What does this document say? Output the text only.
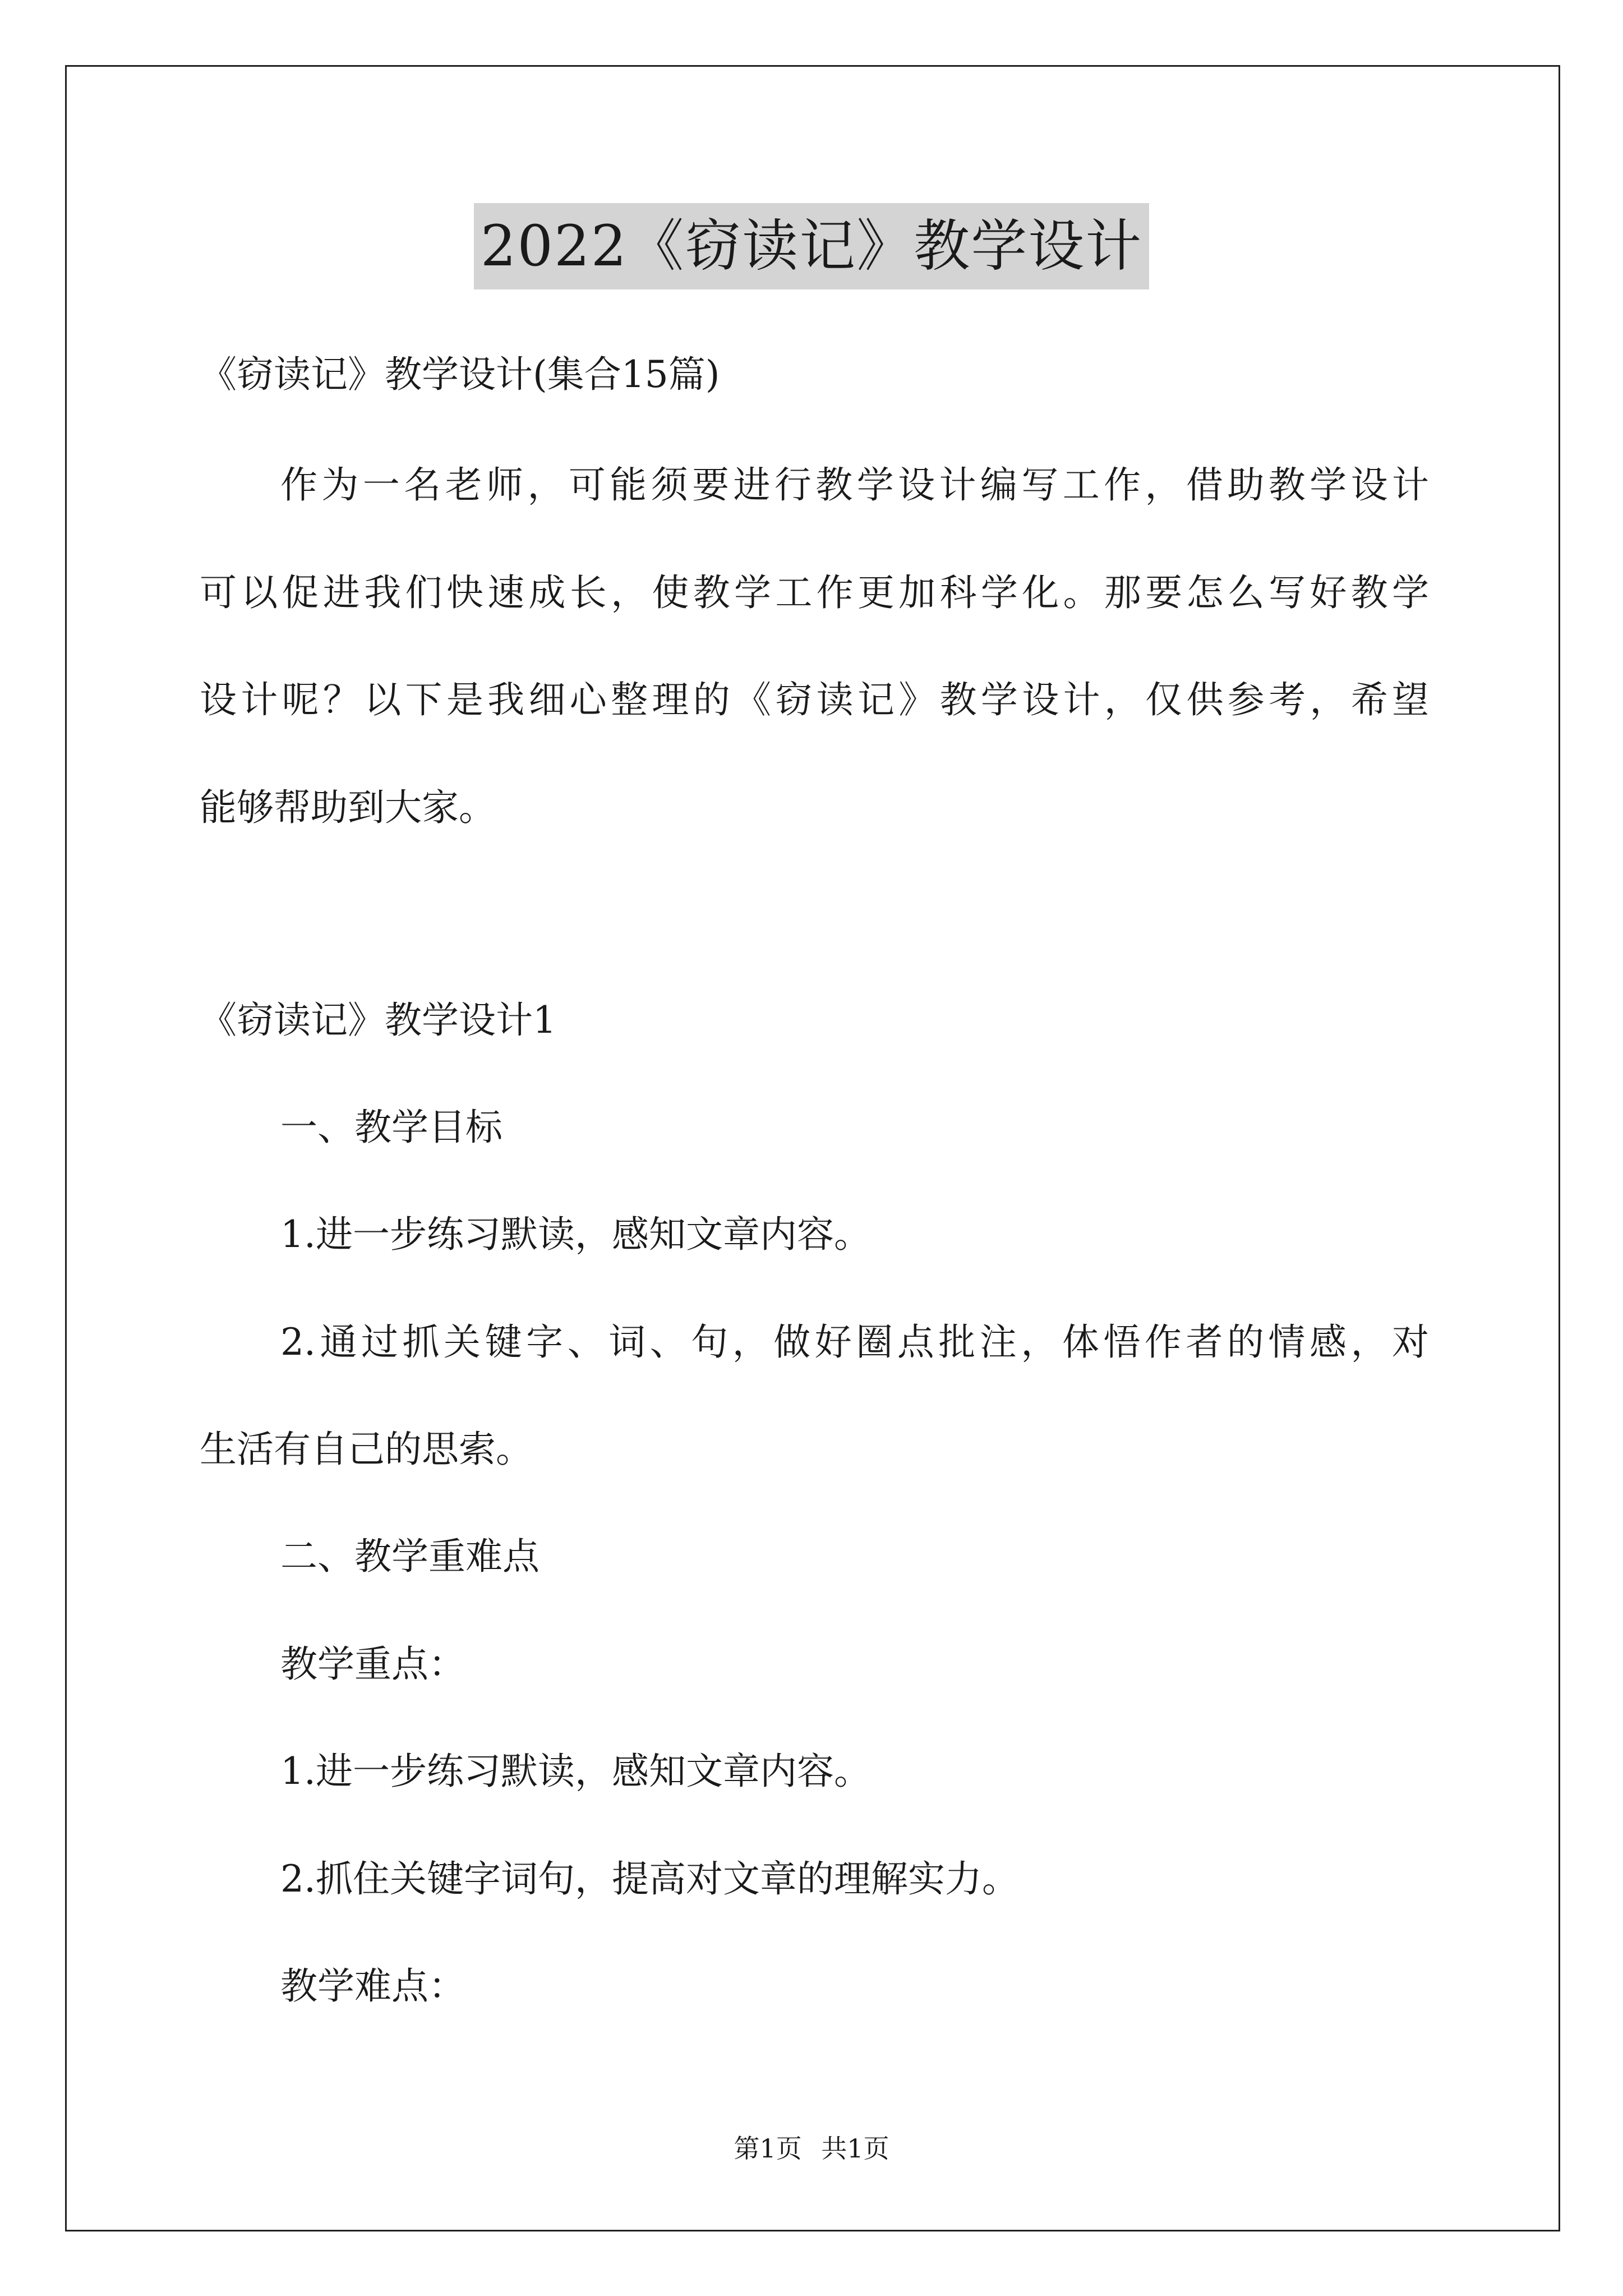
2022《窃读记》教学设计
《窃读记》教学设计(集合15篇)
作为一名老师，可能须要进行教学设计编写工作，借助教学设计
可以促进我们快速成长，使教学工作更加科学化。那要怎么写好教学
设计呢？以下是我细心整理的《窃读记》教学设计，仅供参考，希望
能够帮助到大家。
《窃读记》教学设计1
一、教学目标
1.进一步练习默读，感知文章内容。
2.通过抓关键字、词、句，做好圈点批注，体悟作者的情感，对
生活有自己的思索。
二、教学重难点
教学重点：
1.进一步练习默读，感知文章内容。
2.抓住关键字词句，提高对文章的理解实力。
教学难点：
第1页 共1页
